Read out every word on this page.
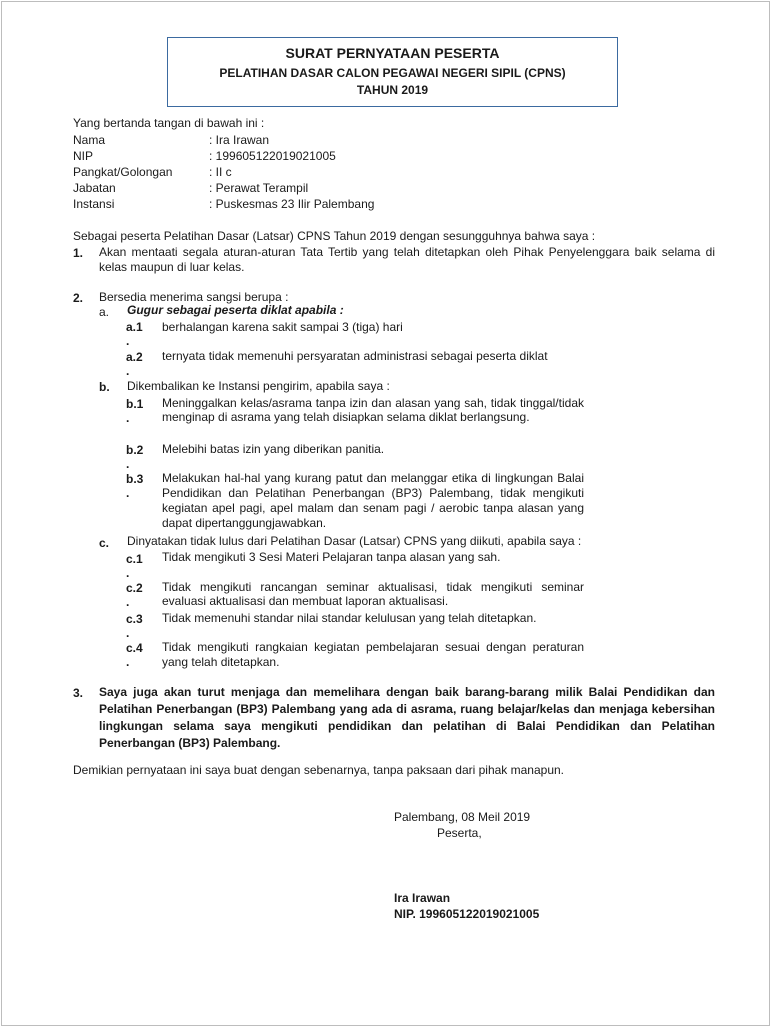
SURAT PERNYATAAN PESERTA
PELATIHAN DASAR CALON PEGAWAI NEGERI SIPIL (CPNS)
TAHUN 2019
Yang bertanda tangan di bawah ini :
Nama	: Ira Irawan
NIP	: 199605122019021005
Pangkat/Golongan	: II c
Jabatan	: Perawat Terampil
Instansi	: Puskesmas 23 Ilir Palembang
Sebagai peserta Pelatihan Dasar (Latsar) CPNS Tahun 2019 dengan sesungguhnya bahwa saya :
1. Akan mentaati segala aturan-aturan Tata Tertib yang telah ditetapkan oleh Pihak Penyelenggara baik selama di kelas maupun di luar kelas.
2. Bersedia menerima sangsi berupa :
a. Gugur sebagai peserta diklat apabila :
a.1
.
berhalangan karena sakit sampai 3 (tiga) hari
a.2
.
ternyata tidak memenuhi persyaratan administrasi sebagai peserta diklat
b. Dikembalikan ke Instansi pengirim, apabila saya :
b.1
.
Meninggalkan kelas/asrama tanpa izin dan alasan yang sah, tidak tinggal/tidak menginap di asrama yang telah disiapkan selama diklat berlangsung.
b.2
.
Melebihi batas izin yang diberikan panitia.
b.3
.
Melakukan hal-hal yang kurang patut dan melanggar etika di lingkungan Balai Pendidikan dan Pelatihan Penerbangan (BP3) Palembang, tidak mengikuti kegiatan apel pagi, apel malam dan senam pagi / aerobic tanpa alasan yang dapat dipertanggungjawabkan.
c. Dinyatakan tidak lulus dari Pelatihan Dasar (Latsar) CPNS yang diikuti, apabila saya :
c.1
.
Tidak mengikuti 3 Sesi Materi Pelajaran tanpa alasan yang sah.
c.2
.
Tidak mengikuti rancangan seminar aktualisasi, tidak mengikuti seminar evaluasi aktualisasi dan membuat laporan aktualisasi.
c.3
.
Tidak memenuhi standar nilai standar kelulusan yang telah ditetapkan.
c.4
.
Tidak mengikuti rangkaian kegiatan pembelajaran sesuai dengan peraturan yang telah ditetapkan.
3. Saya juga akan turut menjaga dan memelihara dengan baik barang-barang milik Balai Pendidikan dan Pelatihan Penerbangan (BP3) Palembang yang ada di asrama, ruang belajar/kelas dan menjaga kebersihan lingkungan selama saya mengikuti pendidikan dan pelatihan di Balai Pendidikan dan Pelatihan Penerbangan (BP3) Palembang.
Demikian pernyataan ini saya buat dengan sebenarnya, tanpa paksaan dari pihak manapun.
Palembang, 08 Meil 2019
Peserta,
Ira Irawan
NIP. 199605122019021005
